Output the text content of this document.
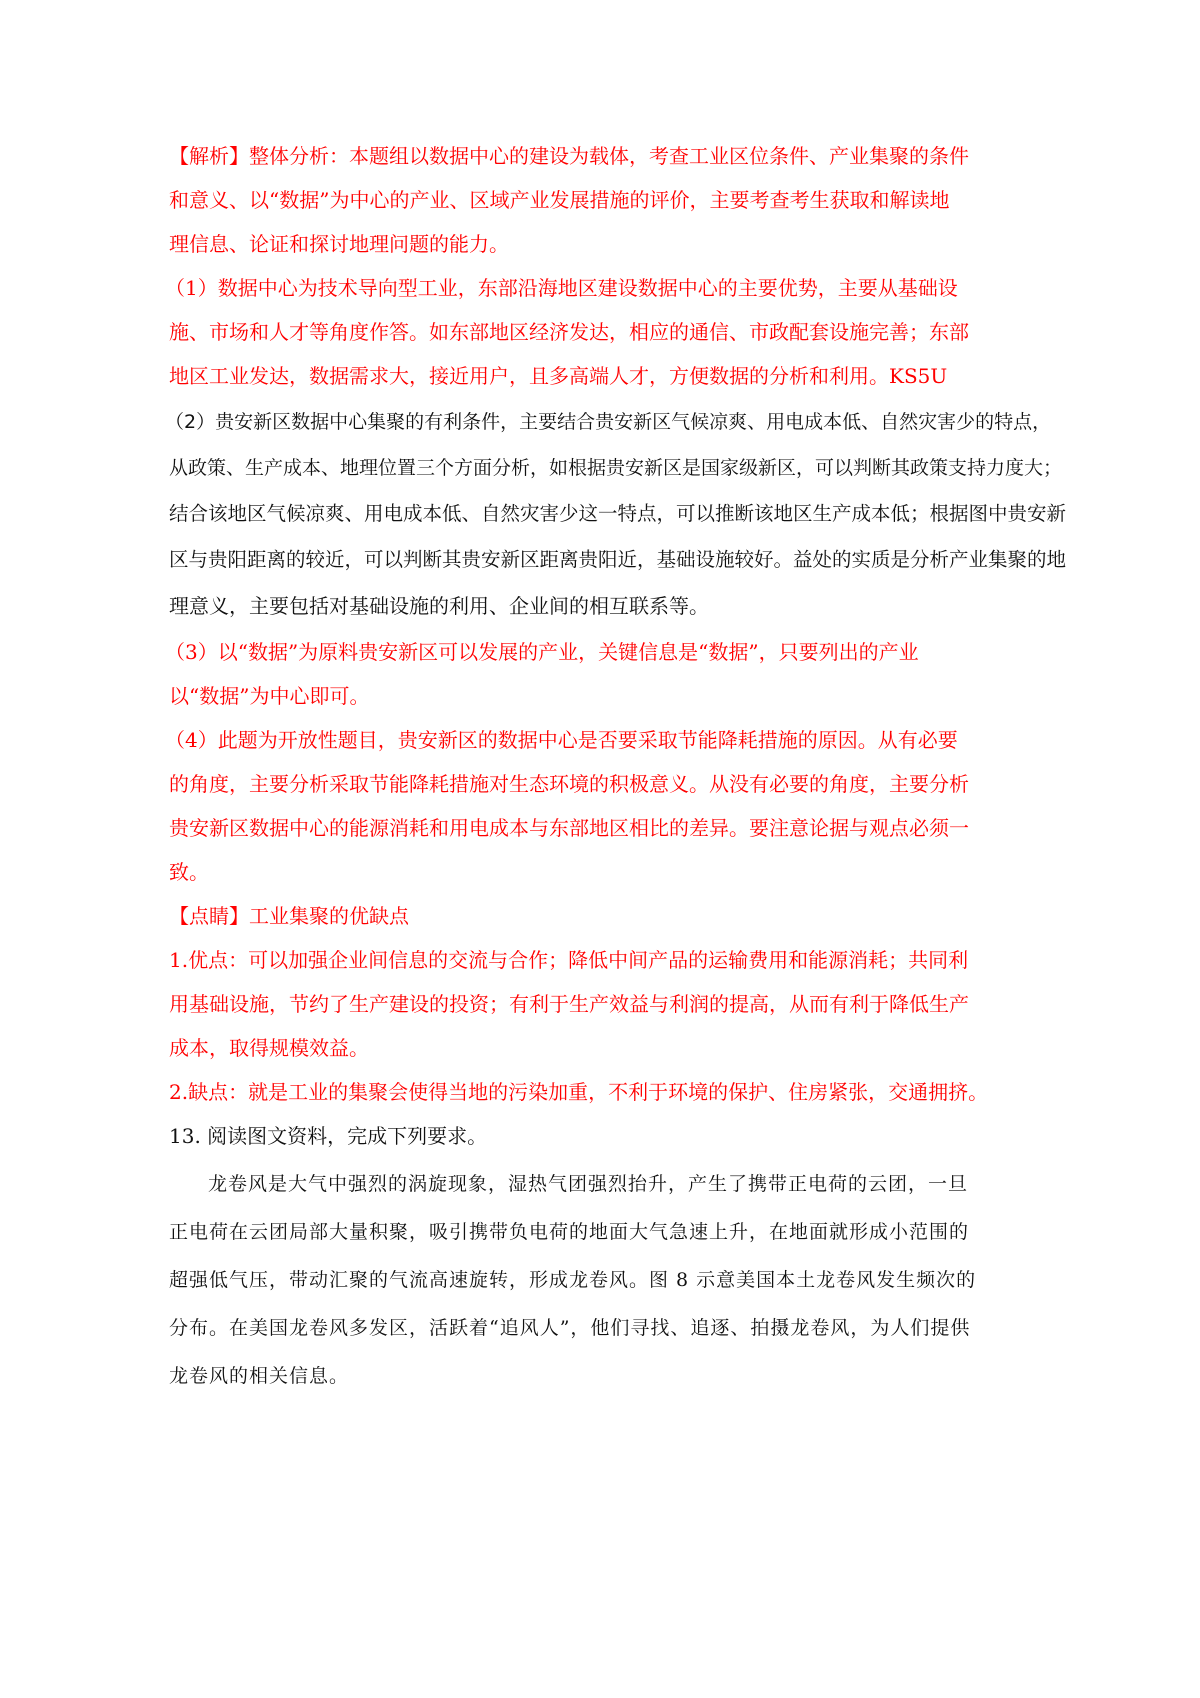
【解析】整体分析：本题组以数据中心的建设为载体，考查工业区位条件、产业集聚的条件

和意义、以“数据”为中心的产业、区域产业发展措施的评价，主要考查考生获取和解读地

理信息、论证和探讨地理问题的能力。

（1）数据中心为技术导向型工业，东部沿海地区建设数据中心的主要优势，主要从基础设

施、市场和人才等角度作答。如东部地区经济发达，相应的通信、市政配套设施完善；东部

地区工业发达，数据需求大，接近用户，且多高端人才，方便数据的分析和利用。KS5U

（2）贵安新区数据中心集聚的有利条件，主要结合贵安新区气候凉爽、用电成本低、自然灾害少的特点，

从政策、生产成本、地理位置三个方面分析，如根据贵安新区是国家级新区，可以判断其政策支持力度大；

结合该地区气候凉爽、用电成本低、自然灾害少这一特点，可以推断该地区生产成本低；根据图中贵安新

区与贵阳距离的较近，可以判断其贵安新区距离贵阳近，基础设施较好。益处的实质是分析产业集聚的地

理意义，主要包括对基础设施的利用、企业间的相互联系等。

（3）以“数据”为原料贵安新区可以发展的产业，关键信息是“数据”，只要列出的产业

以“数据”为中心即可。

（4）此题为开放性题目，贵安新区的数据中心是否要采取节能降耗措施的原因。从有必要

的角度，主要分析采取节能降耗措施对生态环境的积极意义。从没有必要的角度，主要分析

贵安新区数据中心的能源消耗和用电成本与东部地区相比的差异。要注意论据与观点必须一

致。

【点睛】工业集聚的优缺点

1.优点：可以加强企业间信息的交流与合作；降低中间产品的运输费用和能源消耗；共同利

用基础设施，节约了生产建设的投资；有利于生产效益与利润的提高，从而有利于降低生产

成本，取得规模效益。

2.缺点：就是工业的集聚会使得当地的污染加重，不利于环境的保护、住房紧张，交通拥挤。

13. 阅读图文资料，完成下列要求。

龙卷风是大气中强烈的涡旋现象，湿热气团强烈抬升，产生了携带正电荷的云团，一旦

正电荷在云团局部大量积聚，吸引携带负电荷的地面大气急速上升，在地面就形成小范围的

超强低气压，带动汇聚的气流高速旋转，形成龙卷风。图 8 示意美国本土龙卷风发生频次的

分布。在美国龙卷风多发区，活跃着“追风人”，他们寻找、追逐、拍摄龙卷风，为人们提供

龙卷风的相关信息。
